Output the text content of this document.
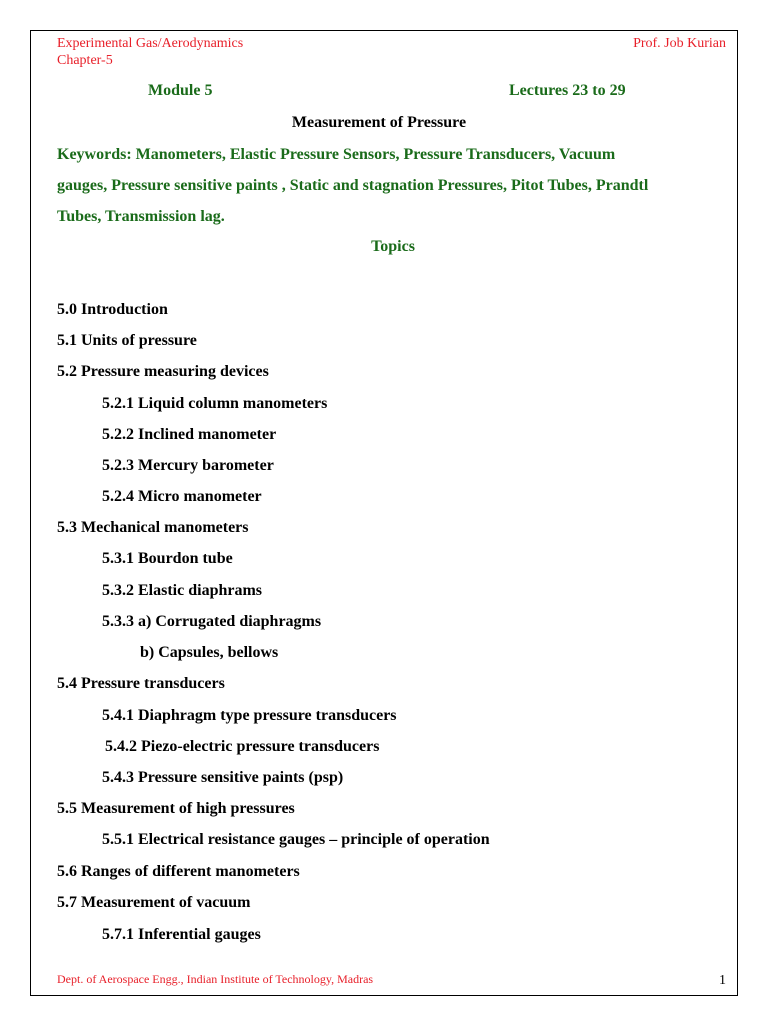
Experimental Gas/Aerodynamics
Chapter-5
Prof. Job Kurian
Module 5	Lectures 23 to 29
Measurement of Pressure
Keywords: Manometers, Elastic Pressure Sensors, Pressure Transducers, Vacuum
gauges, Pressure sensitive paints , Static and stagnation Pressures, Pitot Tubes, Prandtl
Tubes, Transmission lag.
Topics
5.0 Introduction
5.1 Units of pressure
5.2 Pressure measuring devices
5.2.1 Liquid column manometers
5.2.2 Inclined manometer
5.2.3 Mercury barometer
5.2.4 Micro manometer
5.3 Mechanical manometers
5.3.1 Bourdon tube
5.3.2 Elastic diaphrams
5.3.3 a) Corrugated diaphragms
b) Capsules, bellows
5.4 Pressure transducers
5.4.1 Diaphragm type pressure transducers
5.4.2 Piezo-electric pressure transducers
5.4.3 Pressure sensitive paints (psp)
5.5 Measurement of high pressures
5.5.1 Electrical resistance gauges – principle of operation
5.6 Ranges of different manometers
5.7 Measurement of vacuum
5.7.1 Inferential gauges
Dept. of Aerospace Engg., Indian Institute of Technology, Madras	1
